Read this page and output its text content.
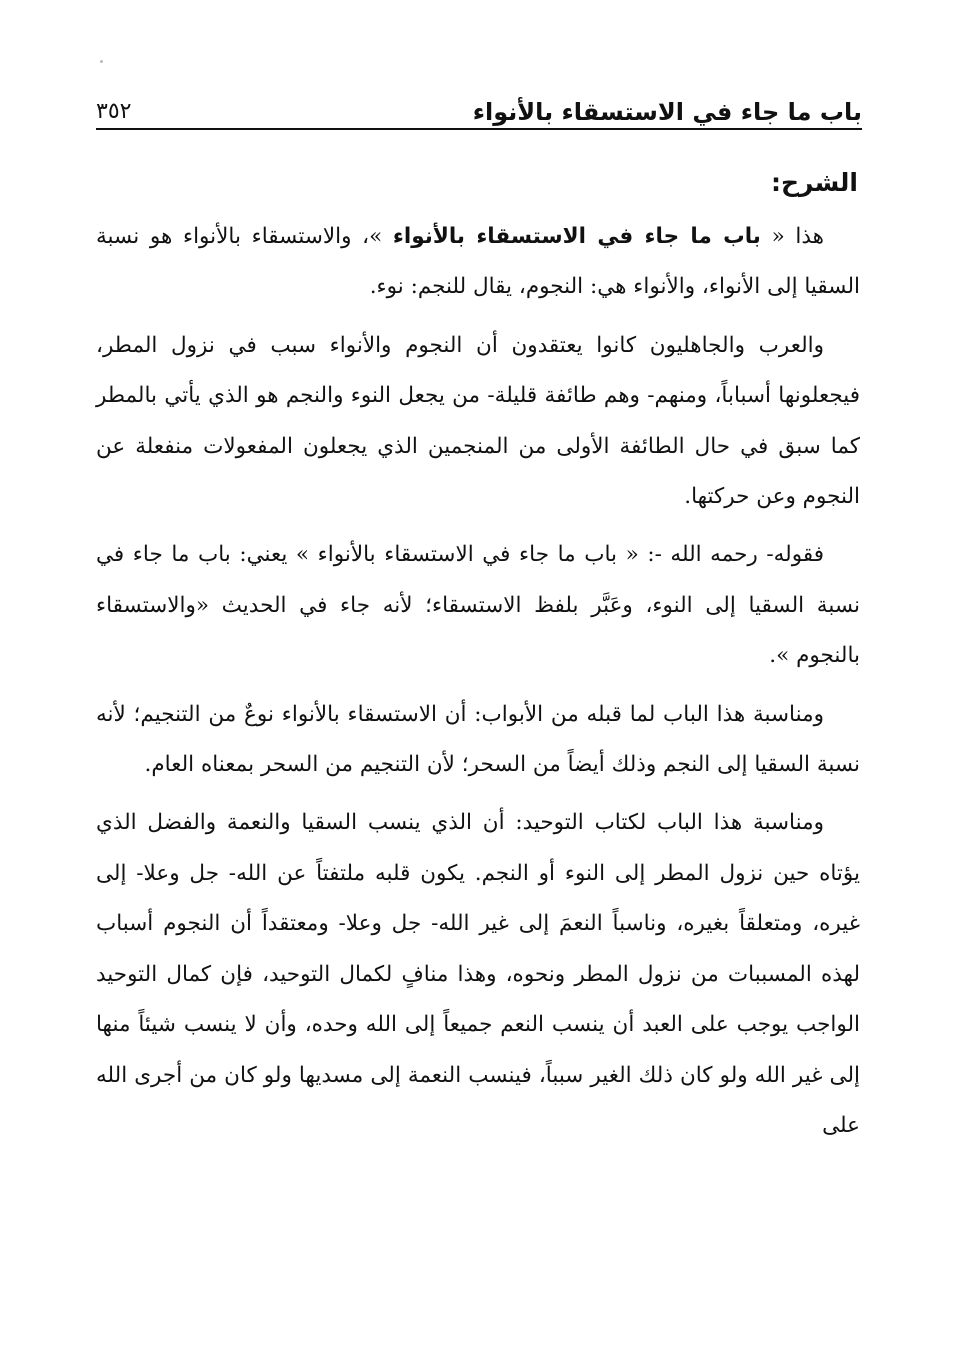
باب ما جاء في الاستسقاء بالأنواء
٣٥٢
الشرح:

هذا « باب ما جاء في الاستسقاء بالأنواء »، والاستسقاء بالأنواء هو نسبة السقيا إلى الأنواء، والأنواء هي: النجوم، يقال للنجم: نوء.

والعرب والجاهليون كانوا يعتقدون أن النجوم والأنواء سبب في نزول المطر، فيجعلونها أسباباً، ومنهم- وهم طائفة قليلة- من يجعل النوء والنجم هو الذي يأتي بالمطر كما سبق في حال الطائفة الأولى من المنجمين الذي يجعلون المفعولات منفعلة عن النجوم وعن حركتها.

فقوله- رحمه الله -: « باب ما جاء في الاستسقاء بالأنواء » يعني: باب ما جاء في نسبة السقيا إلى النوء، وعَبَّر بلفظ الاستسقاء؛ لأنه جاء في الحديث «والاستسقاء بالنجوم ».

ومناسبة هذا الباب لما قبله من الأبواب: أن الاستسقاء بالأنواء نوعٌ من التنجيم؛ لأنه نسبة السقيا إلى النجم وذلك أيضاً من السحر؛ لأن التنجيم من السحر بمعناه العام.

ومناسبة هذا الباب لكتاب التوحيد: أن الذي ينسب السقيا والنعمة والفضل الذي يؤتاه حين نزول المطر إلى النوء أو النجم. يكون قلبه ملتفتاً عن الله- جل وعلا- إلى غيره، ومتعلقاً بغيره، وناسباً النعمَ إلى غير الله- جل وعلا- ومعتقداً أن النجوم أسباب لهذه المسببات من نزول المطر ونحوه، وهذا منافٍ لكمال التوحيد، فإن كمال التوحيد الواجب يوجب على العبد أن ينسب النعم جميعاً إلى الله وحده، وأن لا ينسب شيئاً منها إلى غير الله ولو كان ذلك الغير سبباً، فينسب النعمة إلى مسديها ولو كان من أجرى الله على
